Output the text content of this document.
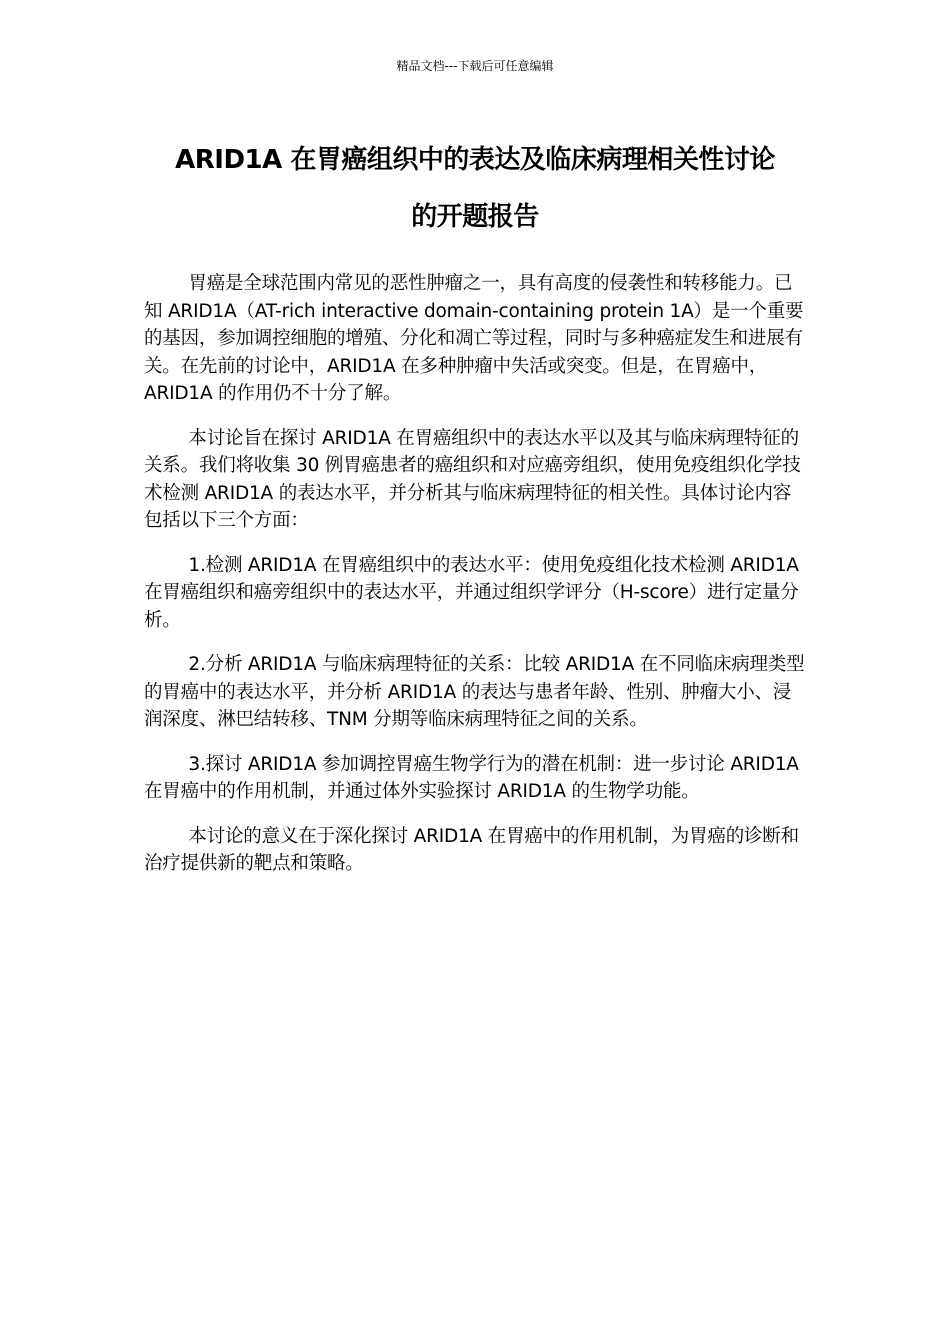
精品文档---下载后可任意编辑
ARID1A 在胃癌组织中的表达及临床病理相关性讨论
的开题报告

胃癌是全球范围内常见的恶性肿瘤之一，具有高度的侵袭性和转移能力。已知 ARID1A（AT-rich interactive domain-containing protein 1A）是一个重要的基因，参加调控细胞的增殖、分化和凋亡等过程，同时与多种癌症发生和进展有关。在先前的讨论中，ARID1A 在多种肿瘤中失活或突变。但是，在胃癌中，ARID1A 的作用仍不十分了解。

本讨论旨在探讨 ARID1A 在胃癌组织中的表达水平以及其与临床病理特征的关系。我们将收集 30 例胃癌患者的癌组织和对应癌旁组织，使用免疫组织化学技术检测 ARID1A 的表达水平，并分析其与临床病理特征的相关性。具体讨论内容包括以下三个方面：

1.检测 ARID1A 在胃癌组织中的表达水平：使用免疫组化技术检测 ARID1A 在胃癌组织和癌旁组织中的表达水平，并通过组织学评分（H-score）进行定量分析。

2.分析 ARID1A 与临床病理特征的关系：比较 ARID1A 在不同临床病理类型的胃癌中的表达水平，并分析 ARID1A 的表达与患者年龄、性别、肿瘤大小、浸润深度、淋巴结转移、TNM 分期等临床病理特征之间的关系。

3.探讨 ARID1A 参加调控胃癌生物学行为的潜在机制：进一步讨论 ARID1A 在胃癌中的作用机制，并通过体外实验探讨 ARID1A 的生物学功能。

本讨论的意义在于深化探讨 ARID1A 在胃癌中的作用机制，为胃癌的诊断和治疗提供新的靶点和策略。
